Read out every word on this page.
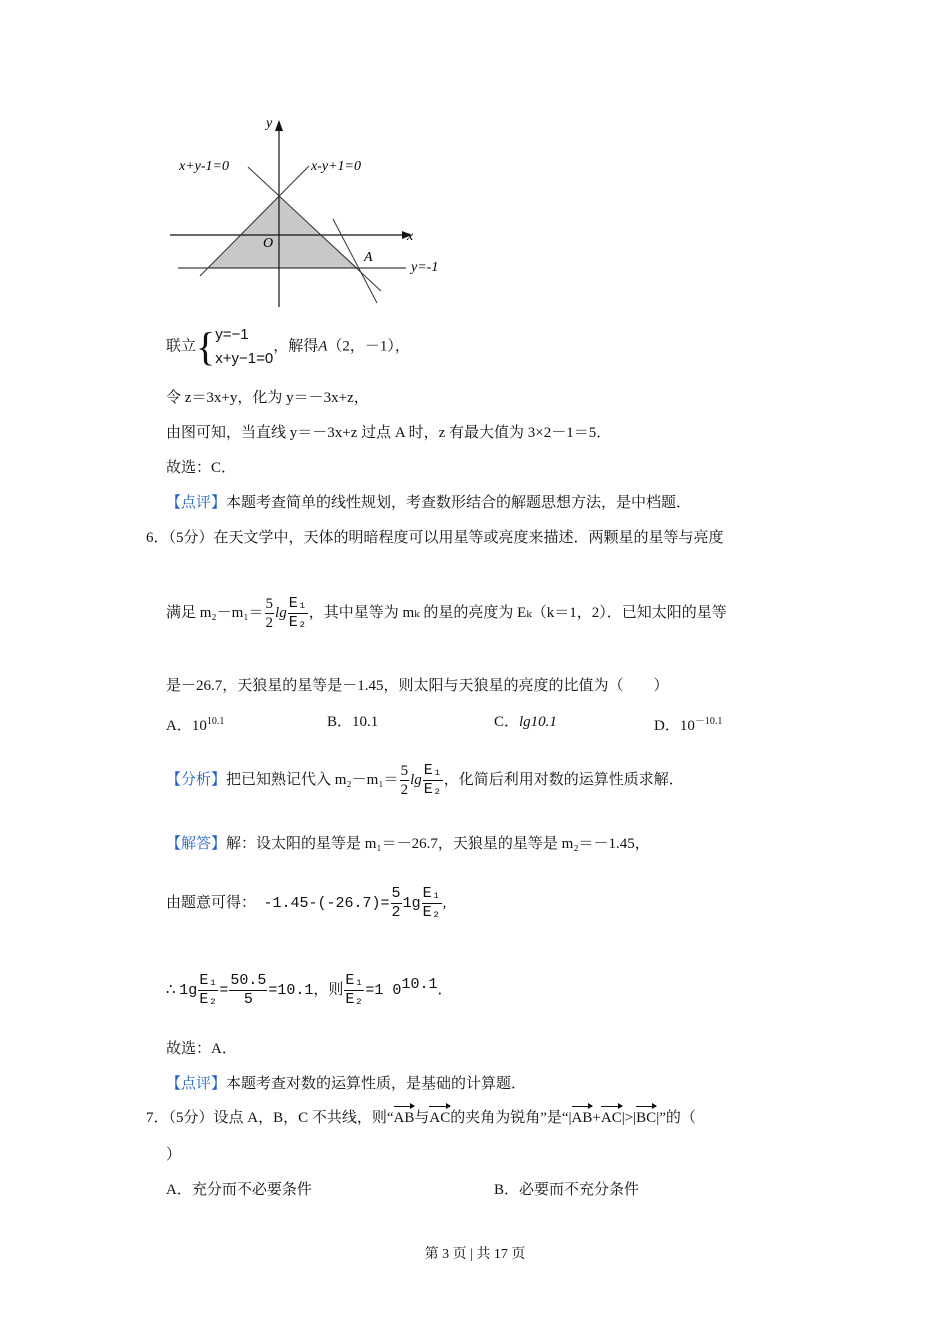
y
x
O
A
x+y-1=0	x-y+1=0
y=-1
联立 { y=−1
x+y−1=0
，解得A（2，－1），
令 z＝3x+y，化为 y＝－3x+z，
由图可知，当直线 y＝－3x+z 过点 A 时，z 有最大值为 3×2－1＝5．
故选：C．
【点评】本题考查简单的线性规划，考查数形结合的解题思想方法，是中档题．
6．（5分）在天文学中，天体的明暗程度可以用星等或亮度来描述．两颗星的星等与亮度
满足 $m_2-m_1= \frac{5}{2}$ $\lg \frac{\text{E₁}}{\text{E₂}}$ ，其中星等为 mₖ 的星的亮度为 Eₖ（k＝1，2）．已知太阳的星等
是－26.7，天狼星的星等是－1.45，则太阳与天狼星的亮度的比值为（　　）
A．$10^{10.1}$	B．10.1	C．lg10.1	D．$10^{-10.1}$
【分析】把已知熟记代入 $m_2-m_1= \frac{5}{2}$ $\lg \frac{\text{E₁}}{\text{E₂}}$ ，化简后利用对数的运算性质求解．
【解答】解：设太阳的星等是 m₁＝－26.7，天狼星的星等是 m₂＝－1.45，
由题意可得： $-1.45-(-26.7)= \frac{5}{2} 1g \frac{\text{E₁}}{\text{E₂}}$ ,
∴ $1g \frac{\text{E₁}}{\text{E₂}} = \frac{50.5}{5} =10.1$，则 $\frac{\text{E₁}}{\text{E₂}} =1$ $0^{10.1}$．
故选：A．
【点评】本题考查对数的运算性质，是基础的计算题．
7．（5分）设点 A，B，C 不共线，则“AB与AC的夹角为锐角”是“|AB+AC|>|BC|”的（
）
A．充分而不必要条件	B．必要而不充分条件
第 3 页 | 共 17 页
